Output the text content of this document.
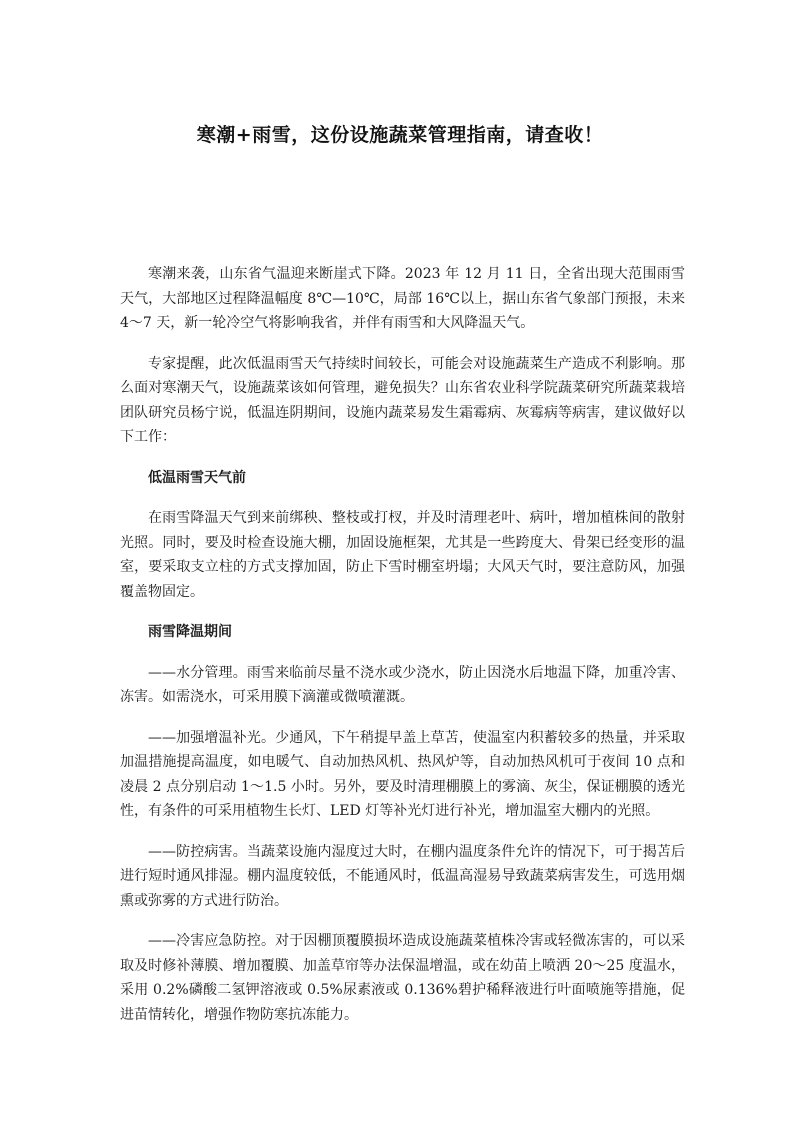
寒潮+雨雪，这份设施蔬菜管理指南，请查收！

寒潮来袭，山东省气温迎来断崖式下降。2023 年 12 月 11 日，全省出现大范围雨雪天气，大部地区过程降温幅度 8℃—10℃，局部 16℃以上，据山东省气象部门预报，未来 4～7 天，新一轮冷空气将影响我省，并伴有雨雪和大风降温天气。

专家提醒，此次低温雨雪天气持续时间较长，可能会对设施蔬菜生产造成不利影响。那么面对寒潮天气，设施蔬菜该如何管理，避免损失？山东省农业科学院蔬菜研究所蔬菜栽培团队研究员杨宁说，低温连阴期间，设施内蔬菜易发生霜霉病、灰霉病等病害，建议做好以下工作：

低温雨雪天气前

在雨雪降温天气到来前绑秧、整枝或打杈，并及时清理老叶、病叶，增加植株间的散射光照。同时，要及时检查设施大棚，加固设施框架，尤其是一些跨度大、骨架已经变形的温室，要采取支立柱的方式支撑加固，防止下雪时棚室坍塌；大风天气时，要注意防风，加强覆盖物固定。

雨雪降温期间

——水分管理。雨雪来临前尽量不浇水或少浇水，防止因浇水后地温下降，加重冷害、冻害。如需浇水，可采用膜下滴灌或微喷灌溉。

——加强增温补光。少通风，下午稍提早盖上草苫，使温室内积蓄较多的热量，并采取加温措施提高温度，如电暖气、自动加热风机、热风炉等，自动加热风机可于夜间 10 点和凌晨 2 点分别启动 1～1.5 小时。另外，要及时清理棚膜上的雾滴、灰尘，保证棚膜的透光性，有条件的可采用植物生长灯、LED 灯等补光灯进行补光，增加温室大棚内的光照。

——防控病害。当蔬菜设施内湿度过大时，在棚内温度条件允许的情况下，可于揭苫后进行短时通风排湿。棚内温度较低，不能通风时，低温高湿易导致蔬菜病害发生，可选用烟熏或弥雾的方式进行防治。

——冷害应急防控。对于因棚顶覆膜损坏造成设施蔬菜植株冷害或轻微冻害的，可以采取及时修补薄膜、增加覆膜、加盖草帘等办法保温增温，或在幼苗上喷洒 20～25 度温水，采用 0.2%磷酸二氢钾溶液或 0.5%尿素液或 0.136%碧护稀释液进行叶面喷施等措施，促进苗情转化，增强作物防寒抗冻能力。
